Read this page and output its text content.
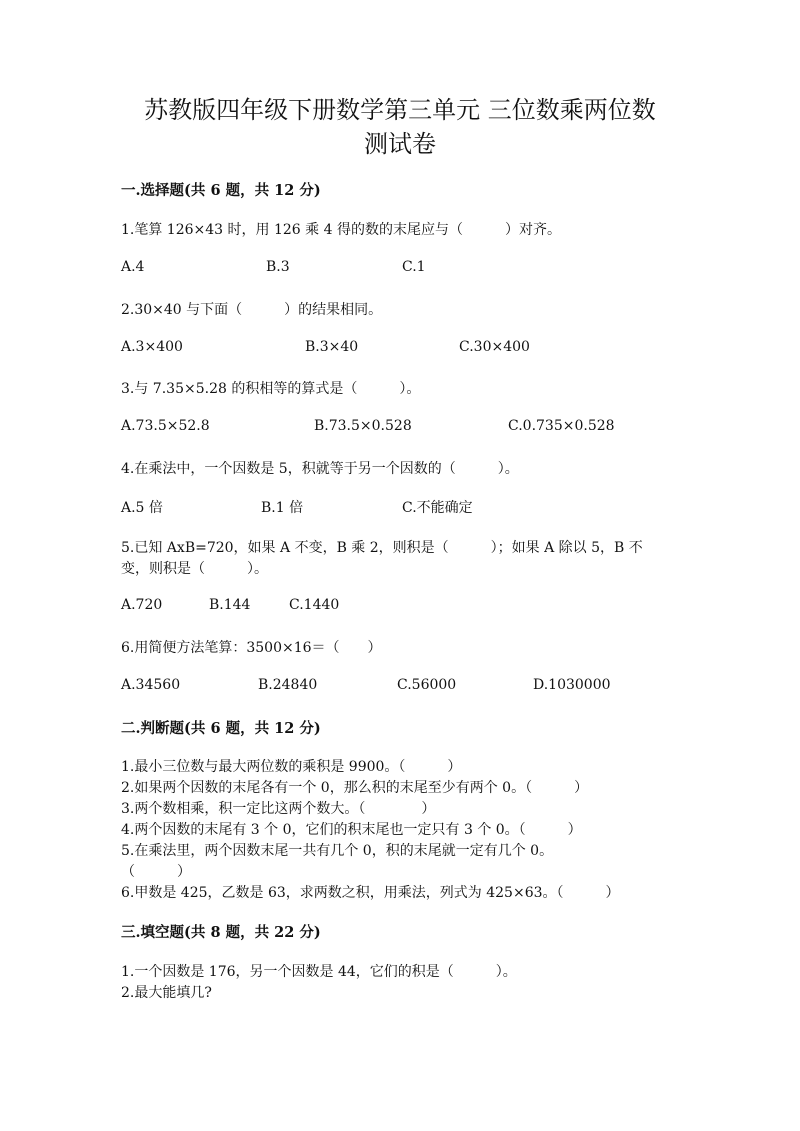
苏教版四年级下册数学第三单元 三位数乘两位数
测试卷
一.选择题(共 6 题，共 12 分)
1.笔算 126×43 时，用 126 乘 4 得的数的末尾应与（　　　）对齐。
A.4	B.3	C.1
2.30×40 与下面（　　　）的结果相同。
A.3×400	B.3×40	C.30×400
3.与 7.35×5.28 的积相等的算式是（　　　）。
A.73.5×52.8	B.73.5×0.528	C.0.735×0.528
4.在乘法中，一个因数是 5，积就等于另一个因数的（　　　）。
A.5 倍	B.1 倍	C.不能确定
5.已知 AxB=720，如果 A 不变，B 乘 2，则积是（　　　）；如果 A 除以 5，B 不
变，则积是（　　　）。
A.720	B.144	C.1440
6.用简便方法笔算：3500×16＝（　　）
A.34560	B.24840	C.56000	D.1030000
二.判断题(共 6 题，共 12 分)
1.最小三位数与最大两位数的乘积是 9900。（　　　）
2.如果两个因数的末尾各有一个 0，那么积的末尾至少有两个 0。（　　　）
3.两个数相乘，积一定比这两个数大。（　　　　）
4.两个因数的末尾有 3 个 0，它们的积末尾也一定只有 3 个 0。（　　　）
5.在乘法里，两个因数末尾一共有几个 0，积的末尾就一定有几个 0。
（　　　）
6.甲数是 425，乙数是 63，求两数之积，用乘法，列式为 425×63。（　　　）
三.填空题(共 8 题，共 22 分)
1.一个因数是 176，另一个因数是 44，它们的积是（　　　）。
2.最大能填几?
